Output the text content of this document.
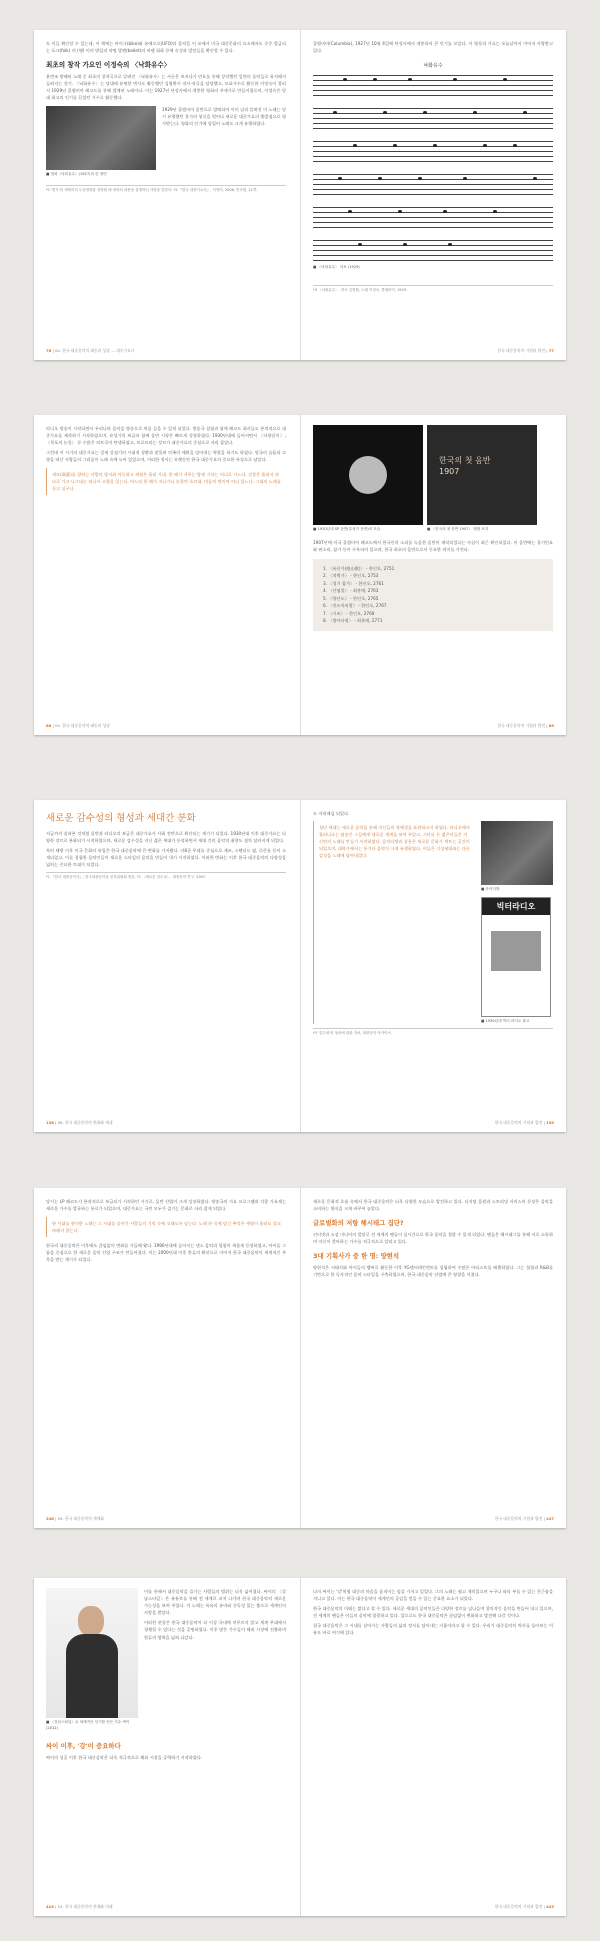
도 이들 확인할 수 있는데, 이 책에는 바이크(bike)와 유에프오(UFO)의 음악을 이 모에서 미국 대중문화의 요소에서도 중중 발급되는 포크(folk) 의 (팬) 이의 방입과 약명 발렌(ballet)의 바랜 회화 등에 속성과 발전들을 확인할 수 있다.
최초의 창작 가요인 이정숙의 〈낙화유수〉
윤변조 방해된 노래 중 최초의 창작곡으로 알려진 〈낙화유수〉는 사돈은 보지다가 민요를 통해 창작했던 일련의 음악들로 유지해서 들려지는 전기. 〈낙화유수〉는 당대에 유명한 변사도 활동했던 김영환이 작사·작곡을 담당했고, 모표가수로 활동한 이정숙이 불러서 1929년 콜럼비아 레코드를 통해 발매된 노래이다. 이는 1927년 단성사에서 개봉한 영화의 주제가로 만들어졌으며, 이정숙은 당대 최고의 인기를 끌었던 가수로 활동했다.
■ 영화〈낙화유수〉(1927)의 한 장면
1929년 콜럼비아 음반으로 발매되어 이미 널리 알려진 이 노래는 당시 유행했던 창가의 형식을 벗어나 새로운 대중가요의 출발점으로 평가받는다. 영화의 인기에 힘입어 노래도 크게 유행하였다.
*1 '변사'란 세세히의 무성영화를 상영할 때 영화의 내용을 설명하던 사람을 말한다. *2 『한국 대중가요사』, 이영미, 2006, 민속원, 21쪽.
76 | 04. 한국 대중음악의 태동과 성장 — 대중가요사
콜럼비아(Columbia), 1927년 10월 4일에 단성사에서 개봉되어 큰 인기를 모았다. 이 영상과 가요는 오늘날까지 이어져 사랑받고 있다.
낙화유수
■ 〈낙화유수〉 악보 (1929)
*3 〈낙화유수〉, 작곡 김영환, 노래 이정숙, 콜럼비아, 1929.
한국 대중음악의 기원과 발전 | 77
라디오 방송이 시작되면서 우리나라 음악을 방송으로 처음 들을 수 있게 되었다. 방송국 설립과 함께 레코드 회사들도 본격적으로 대중가요를 제작하기 시작하였으며, 유성기의 보급과 함께 음반 시장은 빠르게 성장하였다. 1930년대에 들어서면서 〈타향살이〉, 〈목포의 눈물〉 등 수많은 히트곡이 탄생하였고, 트로트라는 장르가 대중가요의 중심으로 자리 잡았다.
그런데 이 시기의 대중가요는 일제 강점기의 시대적 상황과 맞물려 민족의 애환을 담아내는 역할을 하기도 하였다. 망국의 슬픔과 고향을 떠난 사람들의 그리움이 노래 속에 녹아 있었으며, 이러한 정서는 오랫동안 한국 대중가요의 중요한 특징으로 남았다.
세모(歲暮)를 향하는 사람의 발자취 아득하고 세월은 흘러 가네. 한 해가 저무는 밤에 기차는 어디로 가느냐. 강물은 흘러서 바다로 가고 나그네는 떠나서 고향을 잊는다. 어느덧 한 해가 지나가니 눈물만 흐르네. 마음의 벗이여 어디 있느냐. 그대의 노래를 듣고 싶구나.
88 | 04. 한국 대중음악의 태동과 성장
한국의 첫 음반
1907
■ 1920년대 SP 음반(유성기 음반)의 모습	■ 〈한국의 첫 음반 1907〉 앨범 표지
1907년에 미국 콜럼비아 레코드에서 한국인의 소리를 녹음한 음반이 제작되었다는 사실이 최근 확인되었다. 이 음반에는 경기민요와 판소리, 잡가 등이 수록되어 있으며, 한국 최초의 음반으로서 중요한 의미를 가진다.
1. 〈유산가(遊山歌)〉 - 한인오, 2751
2. 〈적벽가〉 - 한인오, 2753
3. 〈경기 잡가〉 - 한인오, 2761
4. 〈산염불〉 - 최홍매, 2763
5. 〈양산도〉 - 한인오, 2765
6. 〈진도아리랑〉 - 한인오, 2767
7. 〈시조〉 - 한인오, 2769
8. 〈방아타령〉 - 최홍매, 2771
한국 대중음악의 기원과 발전 | 89
새로운 감수성의 형성과 세대간 분화
지금까지 살펴본 것처럼 음반과 라디오의 보급은 대중가요가 사회 전반으로 확산되는 계기가 되었다. 1930년대 이후 대중가요는 다양한 장르로 분화되기 시작하였으며, 새로운 감수성을 지닌 젊은 세대가 등장하면서 세대 간의 음악적 취향도 점차 달라지게 되었다.
특히 해방 이후 미국 문화의 유입은 한국 대중음악에 큰 변화를 가져왔다. 미8군 무대를 중심으로 재즈, 스탠더드 팝, 로큰롤 등이 소개되었고, 이를 경험한 음악인들이 새로운 스타일의 음악을 만들어 내기 시작하였다. 이러한 변화는 이후 한국 대중음악의 다양성을 넓히는 중요한 토대가 되었다.
*1 『한국 대중음악사』, 한국대중음악상 선정위원회 엮음. *2 〈새로운 감수성〉, 대중음악 연구, 2007.
138 | 06. 한국 대중음악의 변화와 세대
도 자리매김 되었다.
청년 세대는 새로운 음악을 통해 자신들의 정체성을 표현하고자 하였다. 라디오에서 흘러나오는 팝송은 그들에게 새로운 세계를 보여 주었고, 기타를 든 젊은이들은 자신만의 노래를 만들기 시작하였다. 음악다방과 살롱은 새로운 문화가 싹트는 공간이 되었으며, 대학가에서는 통기타 음악이 크게 유행하였다. 이들은 기성세대와는 다른 감성을 노래에 담아내었다.
■ 음악다방
빅터라디오
■ 1930년대 빅터 라디오 광고
*3 '감수성'의 형성에 관한 자료, 대중음악 아카이브.
한국 대중음악의 기원과 발전 | 139
당시는 LP 레코드가 본격적으로 보급되기 시작하던 시기로, 음반 산업이 크게 성장하였다. 방송국의 가요 프로그램과 각종 가요제는 새로운 가수를 발굴하는 통로가 되었으며, 대중가요는 국민 모두가 즐기는 문화로 자리 잡게 되었다.
한 시대를 풍미한 노래는 그 시대를 살아간 사람들의 기억 속에 오래도록 남는다. 노래 한 곡에 담긴 추억은 세월이 흘러도 결코 바래지 않는다.
한국의 대중음악은 이후에도 끊임없이 변화를 거듭해 왔다. 1990년대에 들어서는 댄스 음악과 힙합이 새롭게 등장하였고, 아이돌 그룹을 중심으로 한 새로운 음악 산업 구조가 만들어졌다. 이는 2000년대 이후 한류의 확산으로 이어져 한국 대중음악이 세계적인 주목을 받는 계기가 되었다.
246 | 09. 한국 대중음악의 세계화
새로운 문화적 흐름 속에서 한국 대중음악은 더욱 다양한 모습으로 발전하고 있다. 디지털 음원과 스트리밍 서비스의 등장은 음악을 소비하는 방식을 크게 바꾸어 놓았다.
글로벌화의 저항 해시태그 집단?
인터넷과 소셜 미디어의 발달로 전 세계의 팬들이 실시간으로 한국 음악을 접할 수 있게 되었다. 팬들은 해시태그를 통해 서로 소통하며 자신이 좋아하는 가수를 적극적으로 알리고 있다.
3대 기획사가 중 한 명: 양현석
양현석은 서태지와 아이들의 멤버로 활동한 이후 YG엔터테인먼트를 설립하여 수많은 아티스트를 배출하였다. 그는 힙합과 R&B를 기반으로 한 독자적인 음악 스타일을 구축하였으며, 한국 대중음악 산업에 큰 영향을 끼쳤다.
한국 대중음악의 기원과 발전 | 247
■ 〈강남스타일〉로 세계적인 인기를 얻은 가수 싸이 (2012)
이를 통해서 대중음악을 즐기는 사람들의 범위는 더욱 넓어졌다. 싸이의 〈강남스타일〉은 유튜브를 통해 전 세계로 퍼져 나가며 한국 대중음악의 새로운 가능성을 보여 주었다. 이 노래는 특유의 유머와 중독성 있는 춤으로 세계인의 사랑을 받았다.
이러한 현상은 한국 대중음악이 더 이상 국내에 머무르지 않고 세계 무대에서 경쟁할 수 있다는 것을 증명하였다. 이후 많은 가수들이 해외 시장에 진출하며 한류의 영역을 넓혀 나갔다.
싸이 이후, '강'이 중요하다
싸이의 성공 이후 한국 대중음악은 더욱 적극적으로 해외 시장을 공략하기 시작하였다.
424 | 15. 한국 대중음악의 현재와 미래
나의 싸이는 '강'처럼 대중의 마음을 움직이는 힘을 가지고 있었다. 그의 노래는 쉽고 재미있으며 누구나 따라 부를 수 있는 친근함을 지니고 있다. 이는 한국 대중음악이 세계인의 공감을 얻을 수 있는 중요한 요소가 되었다.
한국 대중음악의 미래는 밝다고 할 수 있다. 새로운 세대의 음악인들은 다양한 장르를 넘나들며 창의적인 음악을 만들어 내고 있으며, 전 세계의 팬들은 이들의 음악에 열광하고 있다. 앞으로도 한국 대중음악은 끊임없이 변화하고 발전해 나갈 것이다.
결국 대중음악은 그 시대를 살아가는 사람들의 삶과 정서를 담아내는 거울이라고 할 수 있다. 우리가 대중음악의 역사를 돌아보는 이유도 바로 여기에 있다.
한국 대중음악의 기원과 발전 | 425
